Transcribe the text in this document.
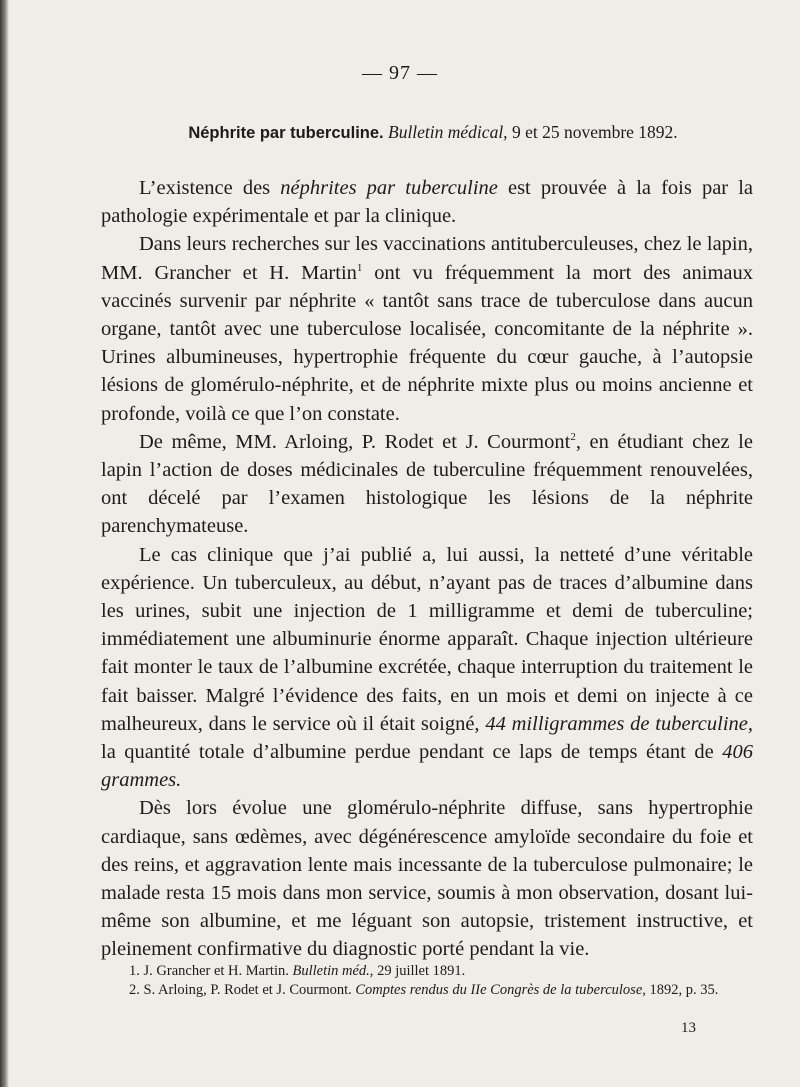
— 97 —
Néphrite par tuberculine. Bulletin médical, 9 et 25 novembre 1892.

L’existence des néphrites par tuberculine est prouvée à la fois par la pathologie expérimentale et par la clinique.

Dans leurs recherches sur les vaccinations antituberculeuses, chez le lapin, MM. Grancher et H. Martin$^1$ ont vu fréquemment la mort des animaux vaccinés survenir par néphrite « tantôt sans trace de tuberculose dans aucun organe, tantôt avec une tuberculose localisée, concomitante de la néphrite ». Urines albumineuses, hypertrophie fréquente du cœur gauche, à l’autopsie lésions de glomérulo-néphrite, et de néphrite mixte plus ou moins ancienne et profonde, voilà ce que l’on constate.

De même, MM. Arloing, P. Rodet et J. Courmont$^2$, en étudiant chez le lapin l’action de doses médicinales de tuberculine fréquemment renouvelées, ont décelé par l’examen histologique les lésions de la néphrite parenchymateuse.

Le cas clinique que j’ai publié a, lui aussi, la netteté d’une véritable expérience. Un tuberculeux, au début, n’ayant pas de traces d’albumine dans les urines, subit une injection de 1 milligramme et demi de tuberculine; immédiatement une albuminurie énorme apparaît. Chaque injection ultérieure fait monter le taux de l’albumine excrétée, chaque interruption du traitement le fait baisser. Malgré l’évidence des faits, en un mois et demi on injecte à ce malheureux, dans le service où il était soigné, 44 milligrammes de tuberculine, la quantité totale d’albumine perdue pendant ce laps de temps étant de 406 grammes.

Dès lors évolue une glomérulo-néphrite diffuse, sans hypertrophie cardiaque, sans œdèmes, avec dégénérescence amyloïde secondaire du foie et des reins, et aggravation lente mais incessante de la tuberculose pulmonaire; le malade resta 15 mois dans mon service, soumis à mon observation, dosant lui-même son albumine, et me léguant son autopsie, tristement instructive, et pleinement confirmative du diagnostic porté pendant la vie.

1. J. Grancher et H. Martin. Bulletin méd., 29 juillet 1891.

2. S. Arloing, P. Rodet et J. Courmont. Comptes rendus du IIe Congrès de la tuberculose, 1892, p. 35.

13
